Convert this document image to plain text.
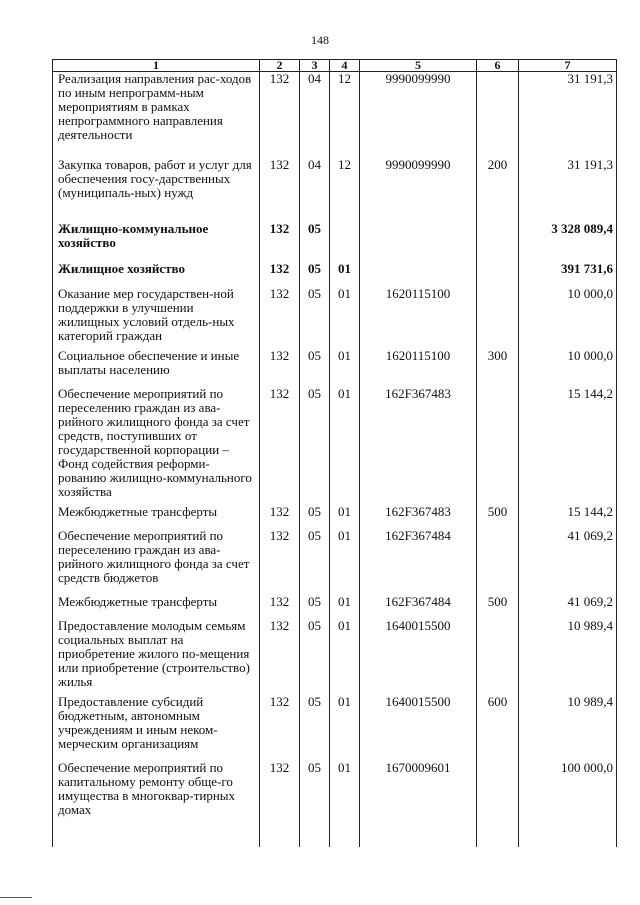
148
1	2	3	4	5	6	7
Реализация направления рас-ходов по иным непрограмм-ным мероприятиям в рамках непрограммного направления деятельности	132	04	12	9990099990		31 191,3
Закупка товаров, работ и услуг для обеспечения госу-дарственных (муниципаль-ных) нужд	132	04	12	9990099990	200	31 191,3
Жилищно-коммунальное хозяйство	132	05				3 328 089,4
Жилищное хозяйство	132	05	01			391 731,6
Оказание мер государствен-ной поддержки в улучшении жилищных условий отдель-ных категорий граждан	132	05	01	1620115100		10 000,0
Социальное обеспечение и иные выплаты населению	132	05	01	1620115100	300	10 000,0
Обеспечение мероприятий по переселению граждан из ава-рийного жилищного фонда за счет средств, поступивших от государственной корпорации – Фонд содействия реформи-рованию жилищно-коммунального хозяйства	132	05	01	162F367483		15 144,2
Межбюджетные трансферты	132	05	01	162F367483	500	15 144,2
Обеспечение мероприятий по переселению граждан из ава-рийного жилищного фонда за счет средств бюджетов	132	05	01	162F367484		41 069,2
Межбюджетные трансферты	132	05	01	162F367484	500	41 069,2
Предоставление молодым семьям социальных выплат на приобретение жилого по-мещения или приобретение (строительство) жилья	132	05	01	1640015500		10 989,4
Предоставление субсидий бюджетным, автономным учреждениям и иным неком-мерческим организациям	132	05	01	1640015500	600	10 989,4
Обеспечение мероприятий по капитальному ремонту обще-го имущества в многоквар-тирных домах	132	05	01	1670009601		100 000,0
